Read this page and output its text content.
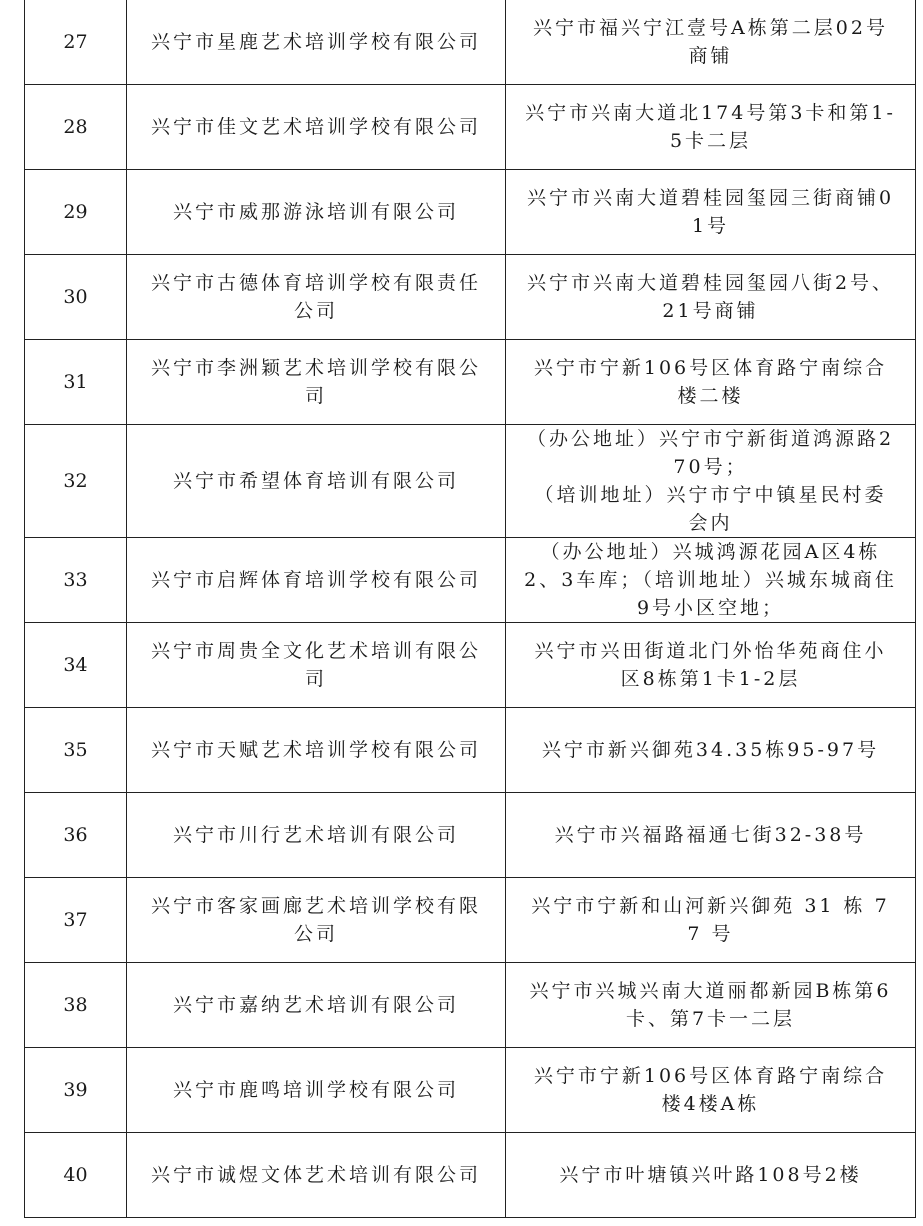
27	兴宁市星鹿艺术培训学校有限公司	兴宁市福兴宁江壹号A栋第二层02号商铺

28	兴宁市佳文艺术培训学校有限公司	兴宁市兴南大道北174号第3卡和第1-5卡二层

29	兴宁市威那游泳培训有限公司	兴宁市兴南大道碧桂园玺园三街商铺01号

30	兴宁市古德体育培训学校有限责任公司	兴宁市兴南大道碧桂园玺园八街2号、21号商铺

31	兴宁市李洲颖艺术培训学校有限公司	兴宁市宁新106号区体育路宁南综合楼二楼

32	兴宁市希望体育培训有限公司	（办公地址）兴宁市宁新街道鸿源路270号；
（培训地址）兴宁市宁中镇星民村委会内

33	兴宁市启辉体育培训学校有限公司	（办公地址）兴城鸿源花园A区4栋2、3车库；（培训地址）兴城东城商住9号小区空地；

34	兴宁市周贵全文化艺术培训有限公司	兴宁市兴田街道北门外怡华苑商住小区8栋第1卡1-2层

35	兴宁市天赋艺术培训学校有限公司	兴宁市新兴御苑34.35栋95-97号

36	兴宁市川行艺术培训有限公司	兴宁市兴福路福通七街32-38号

37	兴宁市客家画廊艺术培训学校有限公司	兴宁市宁新和山河新兴御苑 31 栋 77 号

38	兴宁市嘉纳艺术培训有限公司	兴宁市兴城兴南大道丽都新园B栋第6卡、第7卡一二层

39	兴宁市鹿鸣培训学校有限公司	兴宁市宁新106号区体育路宁南综合楼4楼A栋

40	兴宁市诚煜文体艺术培训有限公司	兴宁市叶塘镇兴叶路108号2楼
